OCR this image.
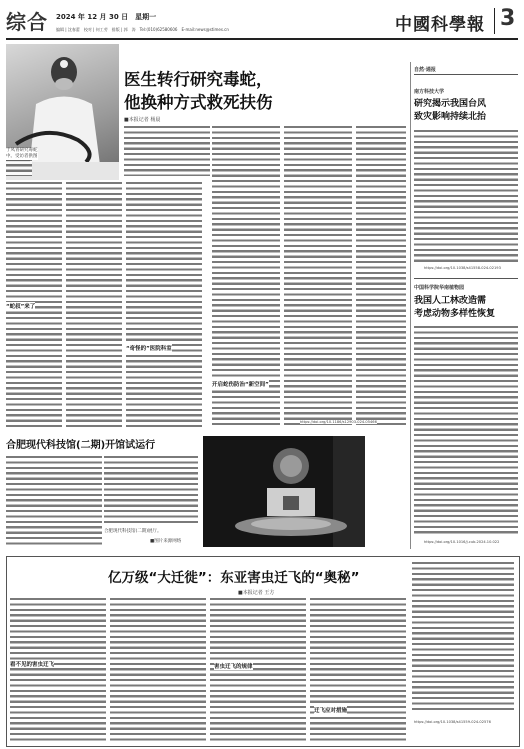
综合 2024 年 12 月 30 日　星期一
编辑 | 沈春蕾　校对 | 何工劳　排版 | 郭　涛　Tel:(010)62580606　E-mail:news@stimes.cn	中國科學報 3
于凤青研究毒蛇中。受访者供图
医生转行研究毒蛇，
他换种方式救死扶伤
■本报记者 杨晨
“蛇叔”来了
“奇怪的”医院科室
开启蛇伤防治“新空间”
https://doi.org/10.1186/s12903-024-05466
合肥现代科技馆(二期)开馆试运行
合肥现代科技馆(二期)展厅。
■图片来源网络
自然·通报
南方科技大学
研究揭示我国台风
致灾影响持续北抬
https://doi.org/10.1038/s41558-024-02193
中国科学院华南植物园
我国人工林改造需
考虑动物多样性恢复
https://doi.org/10.1016/j.cub.2024.10.022
亿万级“大迁徙”：东亚害虫迁飞的“奥秘”
■本报记者 王方
看不见的害虫迁飞	害虫迁飞的规律
迁飞应对措施
https://doi.org/10.1038/s41559-024-02576
